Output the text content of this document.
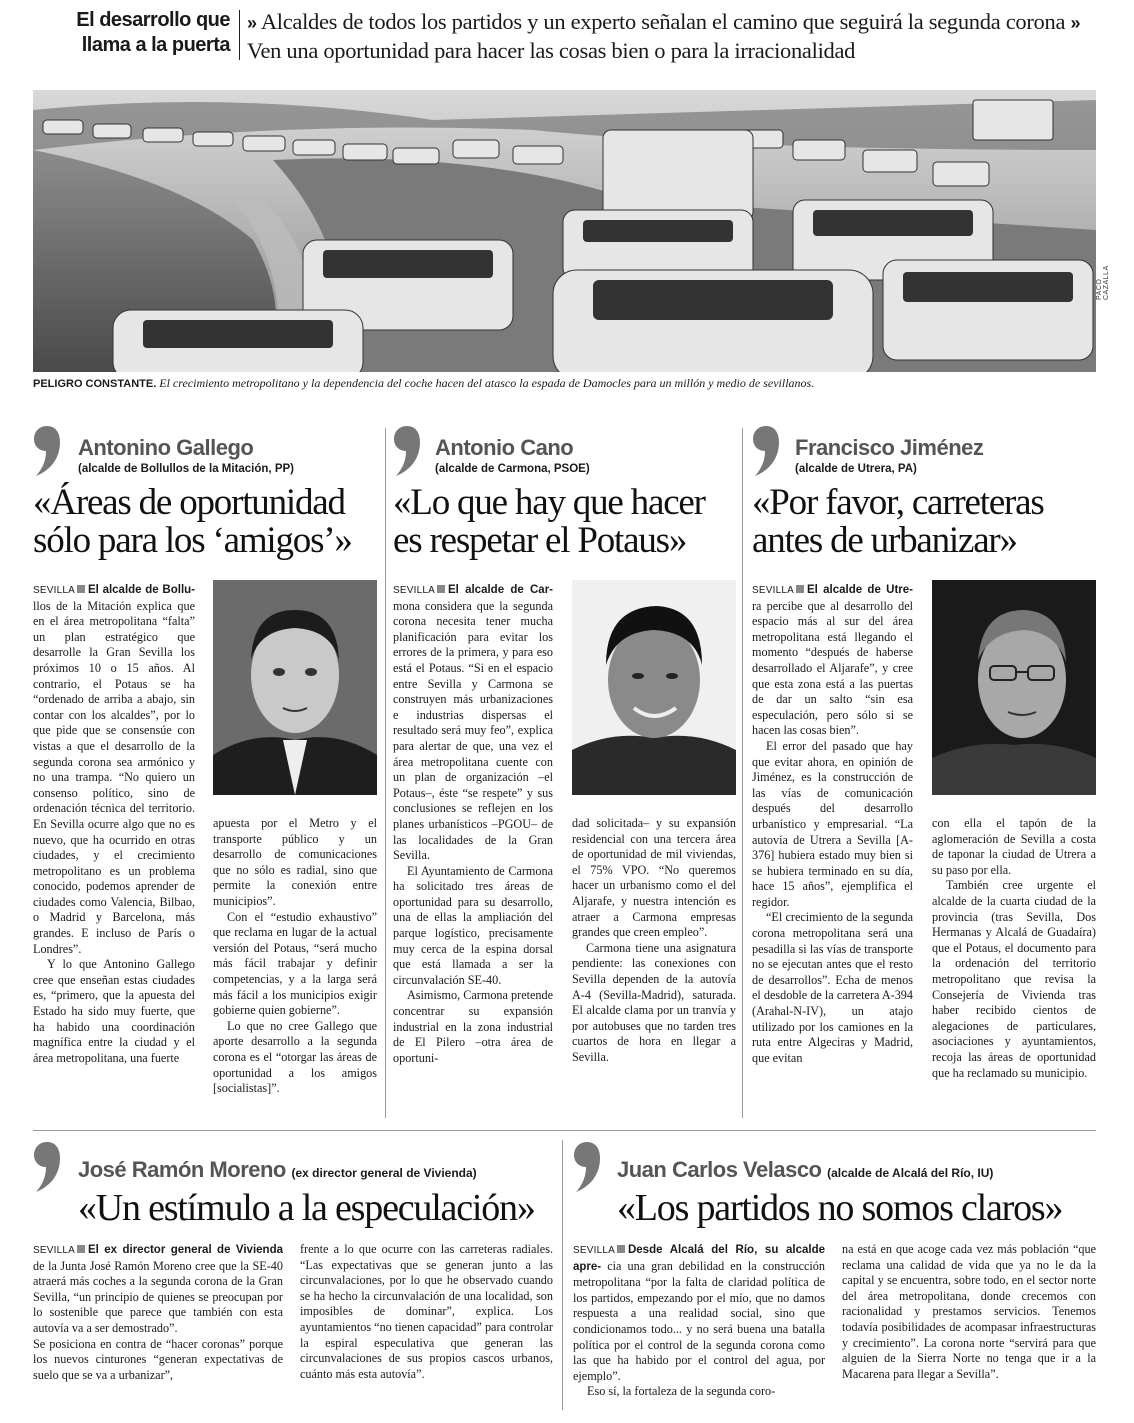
El desarrollo que
llama a la puerta
» Alcaldes de todos los partidos y un experto señalan el camino que seguirá la segunda corona » Ven una oportunidad para hacer las cosas bien o para la irracionalidad
PACO CAZALLA
PELIGRO CONSTANTE. El crecimiento metropolitano y la dependencia del coche hacen del atasco la espada de Damocles para un millón y medio de sevillanos.
Antonino Gallego
(alcalde de Bollullos de la Mitación, PP)
«Áreas de oportunidad sólo para los ‘amigos’»

SEVILLA El alcalde de Bollu- llos de la Mitación explica que en el área metropolitana “falta” un plan estratégico que desarrolle la Gran Sevilla los próximos 10 o 15 años. Al contrario, el Potaus se ha “ordenado de arriba a abajo, sin contar con los alcaldes”, por lo que pide que se consensúe con vistas a que el desarrollo de la segunda corona sea armónico y no una trampa. “No quiero un consenso político, sino de ordenación técnica del territorio. En Sevilla ocurre algo que no es nuevo, que ha ocurrido en otras ciudades, y el crecimiento metropolitano es un problema conocido, podemos aprender de ciudades como Valencia, Bilbao, o Madrid y Barcelona, más grandes. E incluso de París o Londres”.

Y lo que Antonino Gallego cree que enseñan estas ciudades es, “primero, que la apuesta del Estado ha sido muy fuerte, que ha habido una coordinación magnífica entre la ciudad y el área metropolitana, una fuerte

apuesta por el Metro y el transporte público y un desarrollo de comunicaciones que no sólo es radial, sino que permite la conexión entre municipios”.

Con el “estudio exhaustivo” que reclama en lugar de la actual versión del Potaus, “será mucho más fácil trabajar y definir competencias, y a la larga será más fácil a los municipios exigir gobierne quien gobierne”.

Lo que no cree Gallego que aporte desarrollo a la segunda corona es el “otorgar las áreas de oportunidad a los amigos [socialistas]”.

Antonio Cano
(alcalde de Carmona, PSOE)
«Lo que hay que hacer es respetar el Potaus»

SEVILLA El alcalde de Car- mona considera que la segunda corona necesita tener mucha planificación para evitar los errores de la primera, y para eso está el Potaus. “Si en el espacio entre Sevilla y Carmona se construyen más urbanizaciones e industrias dispersas el resultado será muy feo”, explica para alertar de que, una vez el área metropolitana cuente con un plan de organización –el Potaus–, éste “se respete” y sus conclusiones se reflejen en los planes urbanísticos –PGOU– de las localidades de la Gran Sevilla.

El Ayuntamiento de Carmona ha solicitado tres áreas de oportunidad para su desarrollo, una de ellas la ampliación del parque logístico, precisamente muy cerca de la espina dorsal que está llamada a ser la circunvalación SE-40.

Asimismo, Carmona pretende concentrar su expansión industrial en la zona industrial de El Pilero –otra área de oportuni-

dad solicitada– y su expansión residencial con una tercera área de oportunidad de mil viviendas, el 75% VPO. “No queremos hacer un urbanismo como el del Aljarafe, y nuestra intención es atraer a Carmona empresas grandes que creen empleo”.

Carmona tiene una asignatura pendiente: las conexiones con Sevilla dependen de la autovía A-4 (Sevilla-Madrid), saturada. El alcalde clama por un tranvía y por autobuses que no tarden tres cuartos de hora en llegar a Sevilla.

Francisco Jiménez
(alcalde de Utrera, PA)
«Por favor, carreteras antes de urbanizar»

SEVILLA El alcalde de Utre- ra percibe que al desarrollo del espacio más al sur del área metropolitana está llegando el momento “después de haberse desarrollado el Aljarafe”, y cree que esta zona está a las puertas de dar un salto “sin esa especulación, pero sólo si se hacen las cosas bien”.

El error del pasado que hay que evitar ahora, en opinión de Jiménez, es la construcción de las vías de comunicación después del desarrollo urbanístico y empresarial. “La autovía de Utrera a Sevilla [A-376] hubiera estado muy bien si se hubiera terminado en su día, hace 15 años”, ejemplifica el regidor.

“El crecimiento de la segunda corona metropolitana será una pesadilla si las vías de transporte no se ejecutan antes que el resto de desarrollos”. Echa de menos el desdoble de la carretera A-394 (Arahal-N-IV), un atajo utilizado por los camiones en la ruta entre Algeciras y Madrid, que evitan

con ella el tapón de la aglomeración de Sevilla a costa de taponar la ciudad de Utrera a su paso por ella.

También cree urgente el alcalde de la cuarta ciudad de la provincia (tras Sevilla, Dos Hermanas y Alcalá de Guadaíra) que el Potaus, el documento para la ordenación del territorio metropolitano que revisa la Consejería de Vivienda tras haber recibido cientos de alegaciones de particulares, asociaciones y ayuntamientos, recoja las áreas de oportunidad que ha reclamado su municipio.

José Ramón Moreno (ex director general de Vivienda)
«Un estímulo a la especulación»

SEVILLA El ex director general de Vivienda de la Junta José Ramón Moreno cree que la SE-40 atraerá más coches a la segunda corona de la Gran Sevilla, “un principio de quienes se preocupan por lo sostenible que parece que también con esta autovía va a ser demostrado”.

Se posiciona en contra de “hacer coronas” porque los nuevos cinturones “generan expectativas de suelo que se va a urbanizar”,

frente a lo que ocurre con las carreteras radiales. “Las expectativas que se generan junto a las circunvalaciones, por lo que he observado cuando se ha hecho la circunvalación de una localidad, son imposibles de dominar”, explica. Los ayuntamientos “no tienen capacidad” para controlar la espiral especulativa que generan las circunvalaciones de sus propios cascos urbanos, cuánto más esta autovía”.

Juan Carlos Velasco (alcalde de Alcalá del Río, IU)
«Los partidos no somos claros»

SEVILLA Desde Alcalá del Río, su alcalde apre- cia una gran debilidad en la construcción metropolitana “por la falta de claridad política de los partidos, empezando por el mío, que no damos respuesta a una realidad social, sino que condicionamos todo... y no será buena una batalla política por el control de la segunda corona como las que ha habido por el control del agua, por ejemplo”.

Eso sí, la fortaleza de la segunda coro-

na está en que acoge cada vez más población “que reclama una calidad de vida que ya no le da la capital y se encuentra, sobre todo, en el sector norte del área metropolitana, donde crecemos con racionalidad y prestamos servicios. Tenemos todavía posibilidades de acompasar infraestructuras y crecimiento”. La corona norte “servirá para que alguien de la Sierra Norte no tenga que ir a la Macarena para llegar a Sevilla”.
